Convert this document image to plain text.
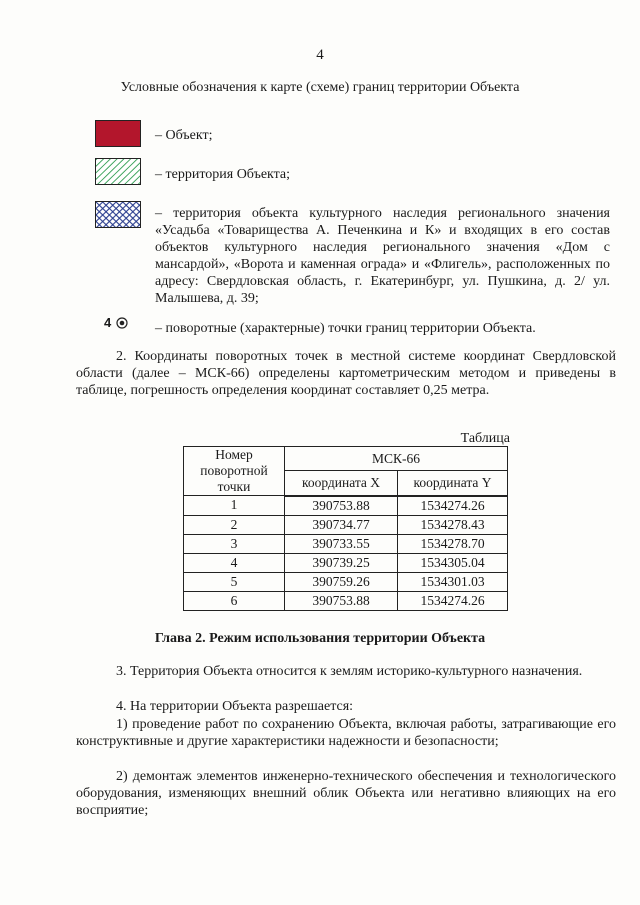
4
Условные обозначения к карте (схеме) границ территории Объекта
– Объект;
– территория Объекта;
– территория объекта культурного наследия регионального значения «Усадьба «Товарищества А. Печенкина и К» и входящих в его состав объектов культурного наследия регионального значения «Дом с мансардой», «Ворота и каменная ограда» и «Флигель», расположенных по адресу: Свердловская область, г. Екатеринбург, ул. Пушкина, д. 2/ ул. Малышева, д. 39;
4	– поворотные (характерные) точки границ территории Объекта.
2. Координаты поворотных точек в местной системе координат Свердловской области (далее – МСК-66) определены картометрическим методом и приведены в таблице, погрешность определения координат составляет 0,25 метра.
Таблица
Номер поворотной точки	МСК-66	
	координата X	координата Y
1	390753.88	1534274.26
2	390734.77	1534278.43
3	390733.55	1534278.70
4	390739.25	1534305.04
5	390759.26	1534301.03
6	390753.88	1534274.26
Глава 2. Режим использования территории Объекта
3. Территория Объекта относится к землям историко-культурного назначения.
4. На территории Объекта разрешается:
1) проведение работ по сохранению Объекта, включая работы, затрагивающие его конструктивные и другие характеристики надежности и безопасности;
2) демонтаж элементов инженерно-технического обеспечения и технологического оборудования, изменяющих внешний облик Объекта или негативно влияющих на его восприятие;
